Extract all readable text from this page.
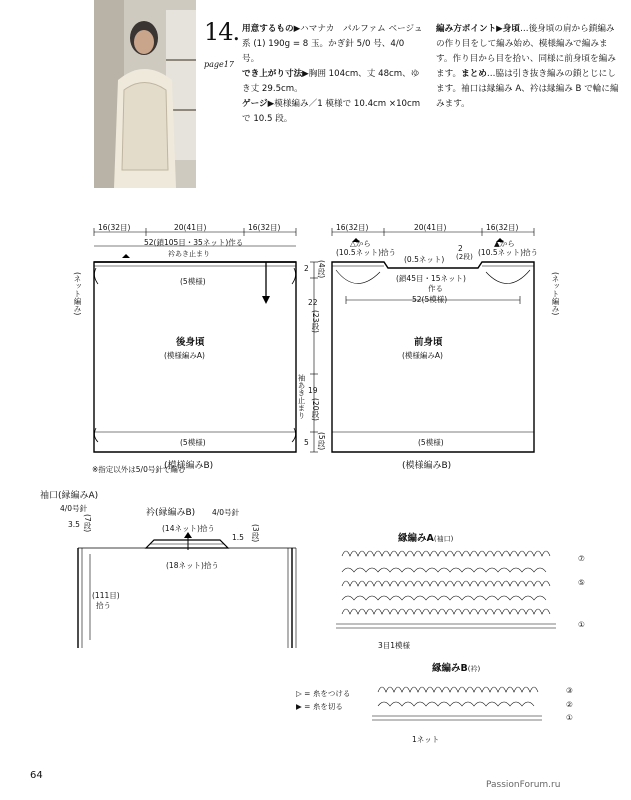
14.
page17
用意するもの▶ハマナカ　パルファム ベージュ系 (1) 190g = 8 玉。かぎ針 5/0 号、4/0 号。
でき上がり寸法▶胸囲 104cm、丈 48cm、ゆき丈 29.5cm。
ゲージ▶模様編み／1 模様で 10.4cm ×10cm で 10.5 段。
編み方ポイント▶身頃…後身頃の肩から鎖編みの作り目をして編み始め、模様編みで編みます。作り目から目を拾い、同様に前身頃を編みます。まとめ…脇は引き抜き編みの鎖とじにします。袖口は縁編み A、衿は縁編み B で輪に編みます。
16(32目)	20(41目)	16(32目)
52(鎖105目・35ネット)作る
衿あき止まり
(5模様)
後身頃
(模様編みA)
(5模様)
(模様編みB)
(ネット編み)
2 (4段)
22
(23段)
袖あき止まり 19
(20段)
5 (5段)
16(32目)	20(41目)	16(32目)
△から
(10.5ネット)拾う
▲から
(10.5ネット)拾う
(0.5ネット)
2
(2段)
(鎖45目・15ネット)
作る
52(5模様)
前身頃
(模様編みA)
(5模様)
(模様編みB)
(ネット編み)
※指定以外は5/0号針で編む
袖口(縁編みA)
4/0号針
3.5 (7段)
(111目)
拾う
衿(縁編みB) 4/0号針
(14ネット)拾う
1.5 (3段)
(18ネット)拾う
縁編みA(袖口)
⑦
⑤
①
3目1模様
縁編みB(衿)
③
②
①
1ネット
▷ = 糸をつける
▶ = 糸を切る
64
PassionForum.ru
